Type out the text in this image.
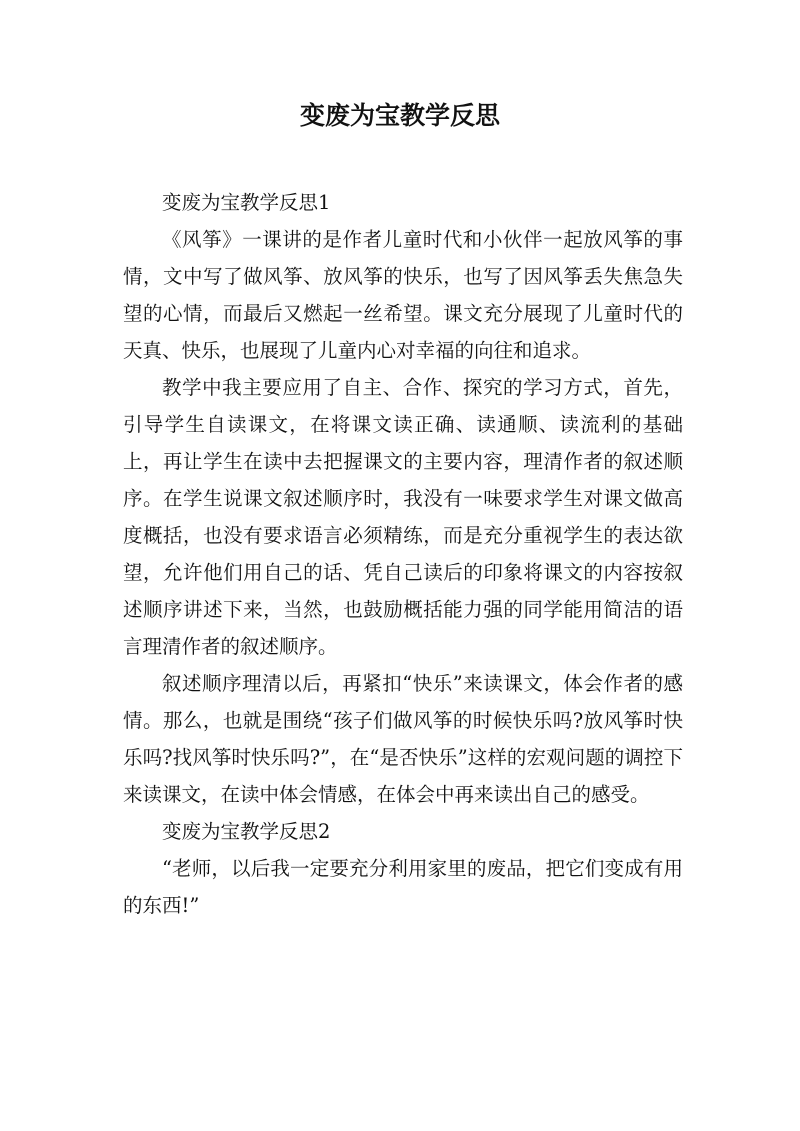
变废为宝教学反思

变废为宝教学反思1

《风筝》一课讲的是作者儿童时代和小伙伴一起放风筝的事情，文中写了做风筝、放风筝的快乐，也写了因风筝丢失焦急失望的心情，而最后又燃起一丝希望。课文充分展现了儿童时代的天真、快乐，也展现了儿童内心对幸福的向往和追求。

教学中我主要应用了自主、合作、探究的学习方式，首先，引导学生自读课文，在将课文读正确、读通顺、读流利的基础上，再让学生在读中去把握课文的主要内容，理清作者的叙述顺序。在学生说课文叙述顺序时，我没有一味要求学生对课文做高度概括，也没有要求语言必须精练，而是充分重视学生的表达欲望，允许他们用自己的话、凭自己读后的印象将课文的内容按叙述顺序讲述下来，当然，也鼓励概括能力强的同学能用简洁的语言理清作者的叙述顺序。

叙述顺序理清以后，再紧扣“快乐”来读课文，体会作者的感情。那么，也就是围绕“孩子们做风筝的时候快乐吗?放风筝时快乐吗?找风筝时快乐吗?”，在“是否快乐”这样的宏观问题的调控下来读课文，在读中体会情感，在体会中再来读出自己的感受。

变废为宝教学反思2

“老师，以后我一定要充分利用家里的废品，把它们变成有用的东西!”
